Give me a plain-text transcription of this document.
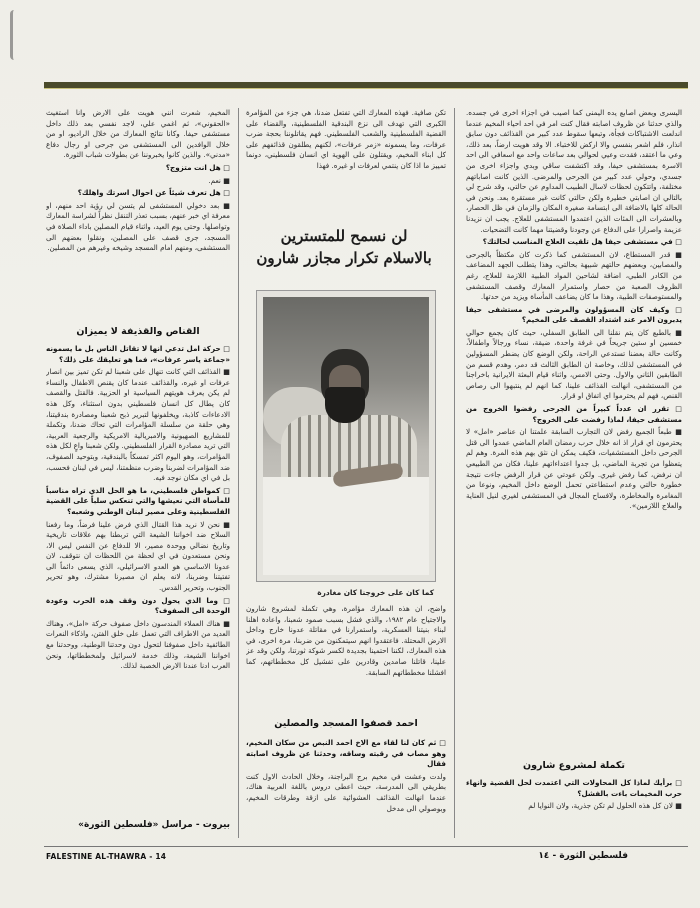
اليسرى وبعض اصابع يده اليمنى كما اصيب في اجزاء اخرى في جسده. والذي حدثنا عن ظروف اصابته فقال كنت امر في احد احياء المخيم عندما اندلعت الاشتباكات فجأة، وتبعها سقوط عدد كبير من القذائف دون سابق انذار، فلم اشعر بنفسي والا اركض للاختباء. الا وقد هويت ارضاً، بعد ذلك، وعي ما اعتقد، فقدت وعيي لحوالي بعد ساعات واحد مع اسعافي الى احد الاسرة بمستشفى حيفا، وقد اكتشفت ساقي وبدي واجزاء اخرى من جسدي، وحولي عدد كبير من الجرحى والمرضى. الذين كانت اصاباتهم مختلفة، واتتكون لحظات لاسال الطبيب المداوم عن حالتي، وقد شرح لي بالتالي ان اصابتي خطيرة ولكن حالتي كانت غير مستقرة بعد. ونحن في الحالة كلها بالاضافة الى ابتسامة صغيرة المكان والزمان في ظل الحصار، وبالعشرات الى المئات الذين اعتمدوا المستشفى للعلاج. يجب ان نزيدنا عزيمة واصرارا على الدفاع عن وجودنا وقضيتنا مهما كانت التضحيات.

□ في مستشفى حيفا هل تلقيت العلاج المناسب لحالتك؟

■ قدر المستطاع، لان المستشفى كما ذكرت كان مكتظاً بالجرحى والمصابين، وبعضهم حالتهم شبيهة بحالتي، وهذا يتطلب الجهد المضاعف من الكادر الطبي، اضافة لشاحين المواد الطبية اللازمة للعلاج، رغم الظروف الصعبة من حصار واستمرار المعارك وقصف المستشفى والمستوصفات الطبية، وهذا ما كان يضاعف المأساة ويزيد من حدتها.

□ وكيف كان المسؤولون والمرضى في مستشفى حيفا يدبرون الامر عند اشتداد القصف على المخيم؟

■ بالطبع كان يتم نقلنا الى الطابق السفلي، حيث كان يجمع حوالي خمسين او ستين جريحاً في غرفة واحدة، ضيقة، نساء ورجالاً واطفالاً، وكانت حالة بعضنا تستدعي الراحة، ولكن الوضع كان يضطر المسؤولين في المستشفى لذلك، وخاصة ان الطابق الثالث قد دمر، وهدم قسم من الطابقين الثاني والاول. وحتى الامس، واثناء قيام البعثة الايرانية باخراجنا من المستشفى، انهالت القذائف علينا، كما انهم لم ينتبهوا الى رصاص القنص، فهم لم يحترموا اي اتفاق او قرار.

□ تقرر ان عدداً كبيراً من الجرحى رفضوا الخروج من مستشفى حيفا، لماذا رفضت على الخروج؟

■ طبعاً الجميع رفض لان التجارب السابقة علمتنا ان عناصر «امل» لا يحترمون اي قرار اذ انه خلال حرب رمضان العام الماضي عمدوا الى قتل الجرحى داخل المستشفيات، فكيف يمكن ان نثق بهم هذه المرة. وهم لم يتعظوا من تجربة الماضي، بل جدوا اعتداءاتهم علينا، فكان من الطبيعي ان نرفض، كما رفض غيري. ولكن عودتي عن قرار الرفض جاءت نتيجة خطورة حالتي وعدم استطاعتي تحمل الوضع داخل المخيم، ونوعا من المغامرة والمخاطرة، ولافساح المجال في المستشفى لغيري لنيل العناية والعلاج اللازمين».

تكملة لمشروع شارون

□ برأيك لماذا كل المحاولات التي اعتمدت لحل القضية وانهاء حرب المخيمات باءت بالفشل؟

■ لان كل هذه الحلول لم تكن جذرية، ولان النوايا لم

تكن صافية. فهذه المعارك التي تفتعل ضدنا، هي جزء من المؤامرة الكبرى التي تهدف الى نزع البندقية الفلسطينية، والقضاء على القضية الفلسطينية والشعب الفلسطيني. فهم يقاتلوننا بحجة ضرب عرفات، وما يسمونه «زمر عرفات»، لكنهم يطلقون قذائفهم على كل ابناء المخيم، ويقتلون على الهوية اي انسان فلسطيني، دونما تمييز ما اذا كان ينتمي لعرفات او غيره. فهذا

لن نسمح للمتسترين
بالاسلام تكرار مجازر شارون
كما كان على خروجنا كان مغادرة

واضح، ان هذه المعارك مؤامرة، وهي تكملة لمشروع شارون والاجتياح عام ١٩٨٢، والذي فشل بسبب صمود شعبنا، واعادة اهلنا لبناء بنيتنا العسكرية، واستمرارنا في مقاتلة عدونا خارج وداخل الارض المحتلة. فاعتقدوا انهم سيتمكنون من ضربنا، مرة اخرى، في هذه المعارك، لكننا احتمينا بجديدة لكسر شوكة ثورتنا، ولكن وقد عز علينا، قاتلنا صامدين وقادرين على تفشيل كل مخططاتهم، كما افشلنا مخططاتهم السابقة.

احمد قصفوا المسجد والمصلين

□ ثم كان لنا لقاء مع الاخ احمد النبص من سكان المخيم، وهو مصاب في رقبته وساقه، وحدثنا عن ظروف اصابته فقال

ولدت وعشت في مخيم برج البراجنة، وخلال الحادث الاول كنت بطريقي الى المدرسة، حيث اعطى دروس باللغة العربية هناك، عندما انهالت القذائف العشوائية على ازقة وطرقات المخيم، وبوصولي الى مدخل

المخيم، شعرت انني هويت على الارض وانا استغيث «الحقوني»، ثم اغمي علي، لاجد نفسي بعد ذلك داخل مستشفى حيفا. وكانا نتائج المعارك من خلال الراديو، او من خلال الوافدين الى المستشفى من جرحى او رجال دفاع «مدني». والذين كانوا يخبروننا عن بطولات شباب الثورة.

□ هل انت متزوج؟

■ نعم.

□ هل تعرف شيئاً عن احوال اسرتك واهلك؟

■ بعد دخولي المستشفى لم يتسن لي رؤية احد منهم، او معرفة اي خبر عنهم، بسبب تعذر التنقل نظراً لشراسة المعارك وتواصلها. وحتى يوم العيد، واثناء قيام المصلين باداء الصلاة في المسجد، جرى قصف على المصلين، ونقلوا بعضهم الى المستشفى، ومنهم امام المسجد وشيخه وغيرهم من المصلين.

القناص والقذيفة لا يميزان

□ حركة امل تدعي انها لا تقاتل الناس بل ما يسمونه «جماعة ياسر عرفات»، فما هو تعليقك على ذلك؟

■ القذائف التي كانت تنهال على شعبنا لم تكن تميز بين انصار عرفات او غيره، والقذائف عندما كان يقنص الاطفال والنساء لم يكن يعرف هويتهم السياسية او الحزبية. فالقتل والقصف كان يطال كل انسان فلسطيني بدون استثناء، وكل هذه الادعاءات كاذبة، ويخلفونها لتبرير ذبح شعبنا ومصادرة بندقيتنا، وهي حلقة من سلسلة المؤامرات التي تحاك ضدنا، وتكملة للمشاريع الصهيونية والامبريالية الامريكية والرجعية العربية، التي تريد مصادرة القرار الفلسطيني. ولكن شعبنا واعٍ لكل هذه المؤامرات، وهو اليوم اكثر تمسكاً بالبندقية، وبتوحيد الصفوف، ضد المؤامرات لضربنا وضرب منظمتنا، ليس في لبنان فحسب، بل في اي مكان نوجد فيه.

□ كمواطن فلسطيني، ما هو الحل الذي تراه مناسباً للمأساة التي نعيشها والتي تنعكس سلباً على القضية الفلسطينية وعلى مصير لبنان الوطني وشعبه؟

■ نحن لا نريد هذا القتال الذي فرض علينا فرضاً، وما رفعنا السلاح ضد اخواننا الشيعة التي تربطنا بهم علاقات تاريخية وتاريخ نضالي ووحدة مصير، الا للدفاع عن النفس ليس الا، ونحن مستعدون في اي لحظة من اللحظات ان نتوقف، لان عدونا الاساسي هو العدو الاسرائيلي، الذي يسعى دائماً الى تفتيتنا وضربنا، لانه يعلم ان مصيرنا مشترك، وهو تحرير الجنوب، وتحرير القدس.

□ وما الذي يحول دون وقف هذه الحرب وعودة الوحدة الى الصفوف؟

■ هناك العملاء المندسون داخل صفوف حركة «امل»، وهناك العديد من الاطراف التي تعمل على خلق الفتن، واذكاء النعرات الطائفية داخل صفوفنا لتحول دون وحدتنا الوطنية، ووحدتنا مع اخواننا الشيعة، وذلك خدمة لاسرائيل ولمخططاتها، ونحن العرب ادنا عندنا الارض الخصبة لذلك.

بيروت - مراسل «فلسطين الثورة»
FALESTINE AL-THAWRA - 14	فلسطين الثورة - ١٤
